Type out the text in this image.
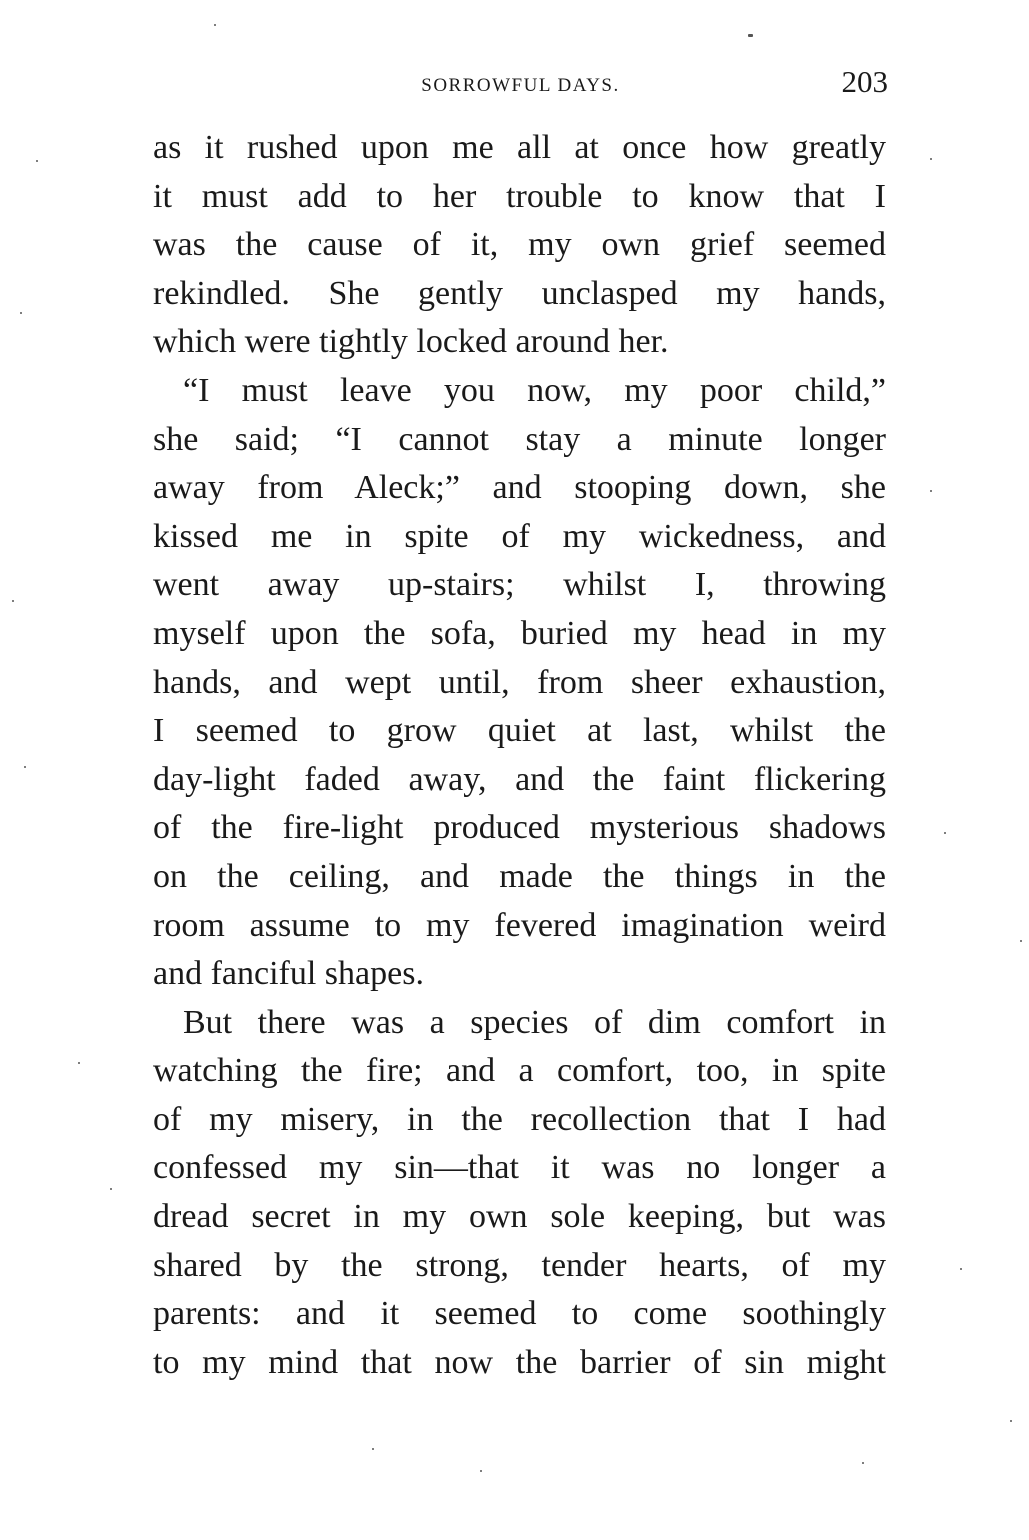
SORROWFUL DAYS.	203
as it rushed upon me all at once how greatly
it must add to her trouble to know that I
was the cause of it, my own grief seemed
rekindled. She gently unclasped my hands,
which were tightly locked around her.
“I must leave you now, my poor child,”
she said; “I cannot stay a minute longer
away from Aleck;” and stooping down, she
kissed me in spite of my wickedness, and
went away up-stairs; whilst I, throwing
myself upon the sofa, buried my head in my
hands, and wept until, from sheer exhaustion,
I seemed to grow quiet at last, whilst the
day-light faded away, and the faint flickering
of the fire-light produced mysterious shadows
on the ceiling, and made the things in the
room assume to my fevered imagination weird
and fanciful shapes.
But there was a species of dim comfort in
watching the fire; and a comfort, too, in spite
of my misery, in the recollection that I had
confessed my sin—that it was no longer a
dread secret in my own sole keeping, but was
shared by the strong, tender hearts, of my
parents: and it seemed to come soothingly
to my mind that now the barrier of sin might
